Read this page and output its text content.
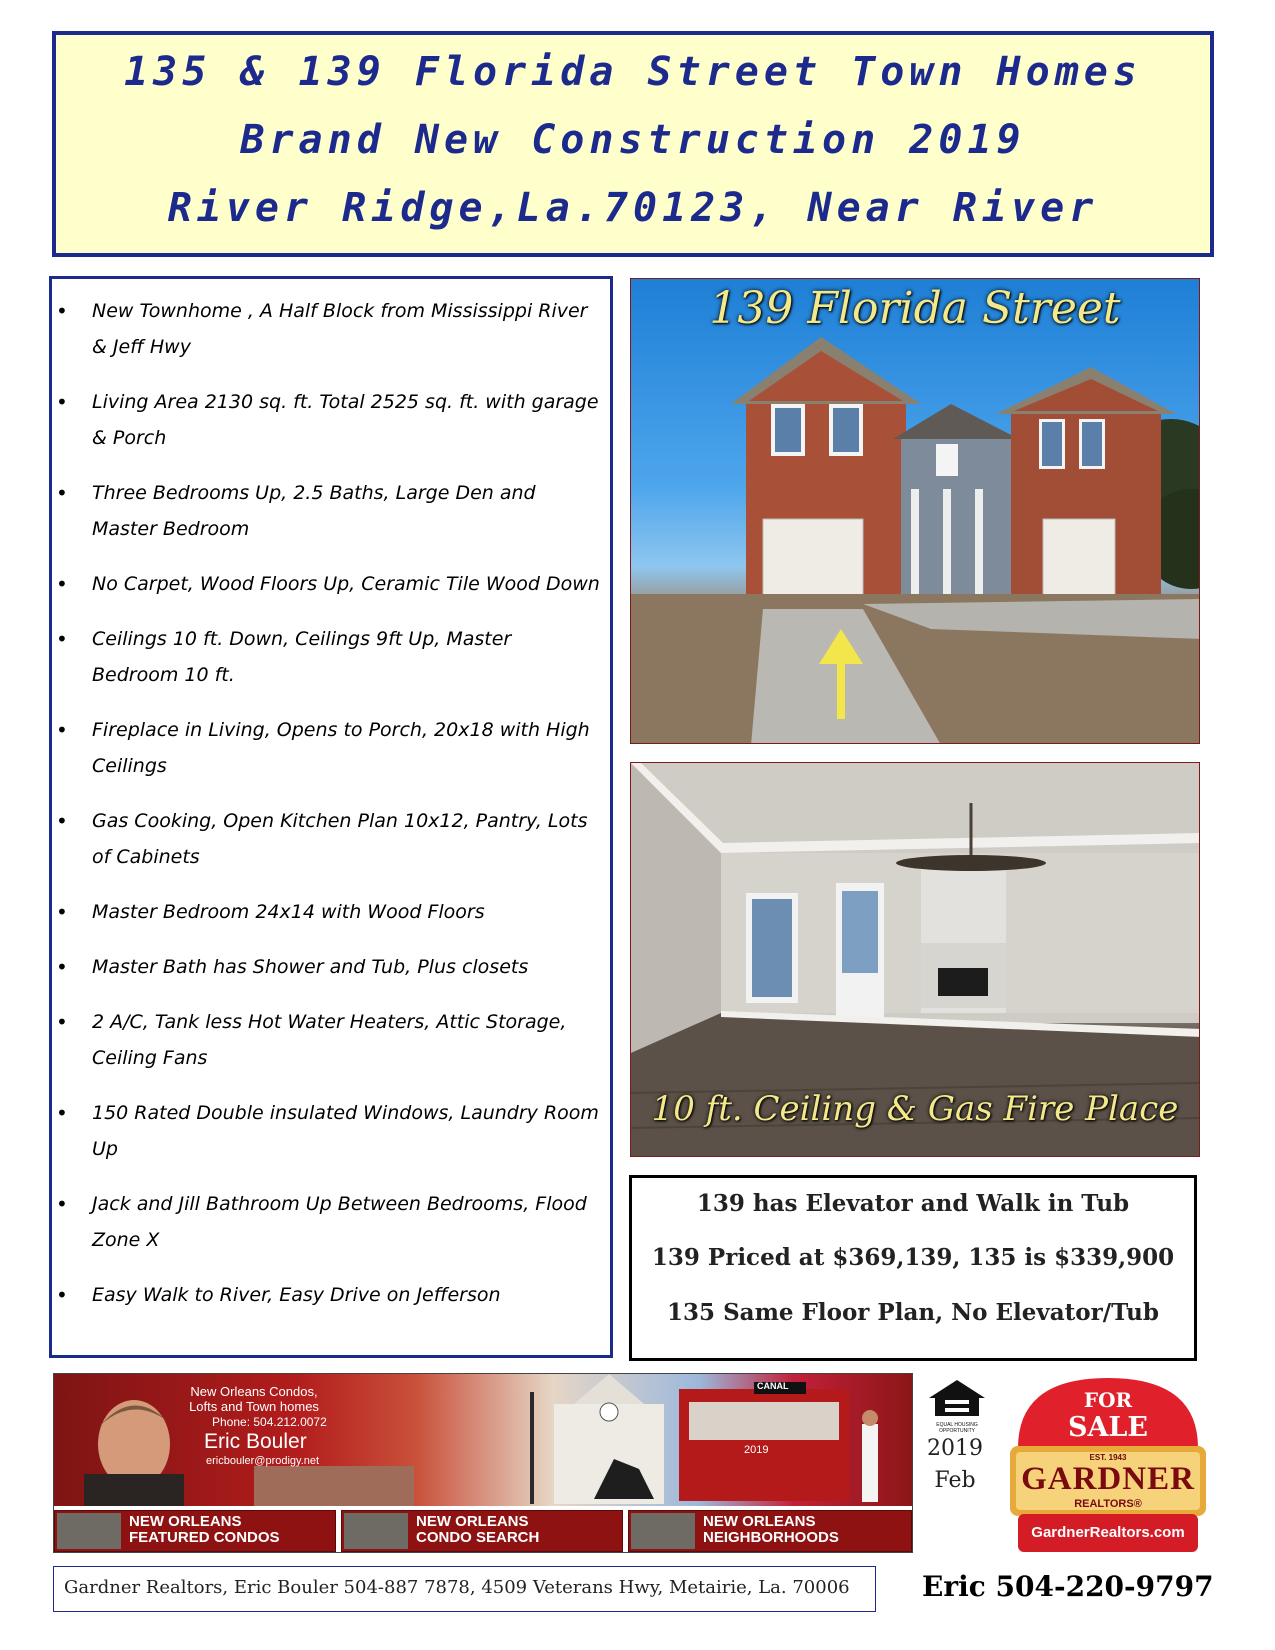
135 & 139 Florida Street Town Homes
Brand New Construction 2019
River Ridge,La.70123, Near River
• New Townhome , A Half Block from Mississippi River & Jeff Hwy
• Living Area 2130 sq. ft. Total 2525 sq. ft. with garage & Porch
• Three Bedrooms Up, 2.5 Baths, Large Den and Master Bedroom
• No Carpet, Wood Floors Up, Ceramic Tile Wood Down
• Ceilings 10 ft. Down, Ceilings 9ft Up, Master Bedroom 10 ft.
• Fireplace in Living, Opens to Porch, 20x18 with High Ceilings
• Gas Cooking, Open Kitchen Plan 10x12, Pantry, Lots of Cabinets
• Master Bedroom 24x14 with Wood Floors
• Master Bath has Shower and Tub, Plus closets
• 2 A/C, Tank less Hot Water Heaters, Attic Storage, Ceiling Fans
• 150 Rated Double insulated Windows, Laundry Room Up
• Jack and Jill Bathroom Up Between Bedrooms, Flood Zone X
• Easy Walk to River, Easy Drive on Jefferson
139 Florida Street
10 ft. Ceiling & Gas Fire Place
139 has Elevator and Walk in Tub
139 Priced at $369,139, 135 is $339,900
135 Same Floor Plan, No Elevator/Tub
New Orleans Condos,
Lofts and Town homes
Phone: 504.212.0072
Eric Bouler
ericbouler@prodigy.net
CANAL
2019
NEW ORLEANS
FEATURED CONDOS
NEW ORLEANS
CONDO SEARCH
NEW ORLEANS
NEIGHBORHOODS
EQUAL HOUSING
OPPORTUNITY
2019
Feb
FOR
SALE
EST. 1943
GARDNER
REALTORS®
GardnerRealtors.com
Gardner Realtors, Eric Bouler 504-887 7878, 4509 Veterans Hwy, Metairie, La. 70006	Eric 504-220-9797
